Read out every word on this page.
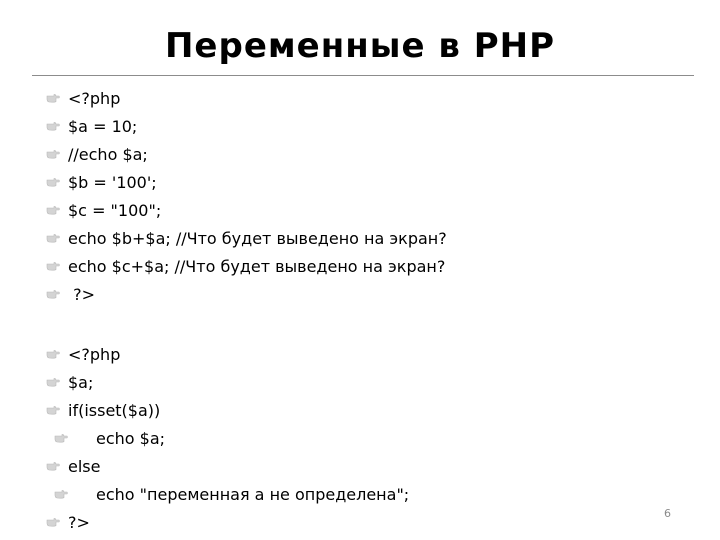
Переменные в PHP
<?php
$a = 10;
//echo $a;
$b = '100';
$c = "100";
echo $b+$a; //Что будет выведено на экран?
echo $c+$a; //Что будет выведено на экран?
?>
<?php
$a;
if(isset($a))
echo $a;
else
echo "переменная а не определена";
?>	6
